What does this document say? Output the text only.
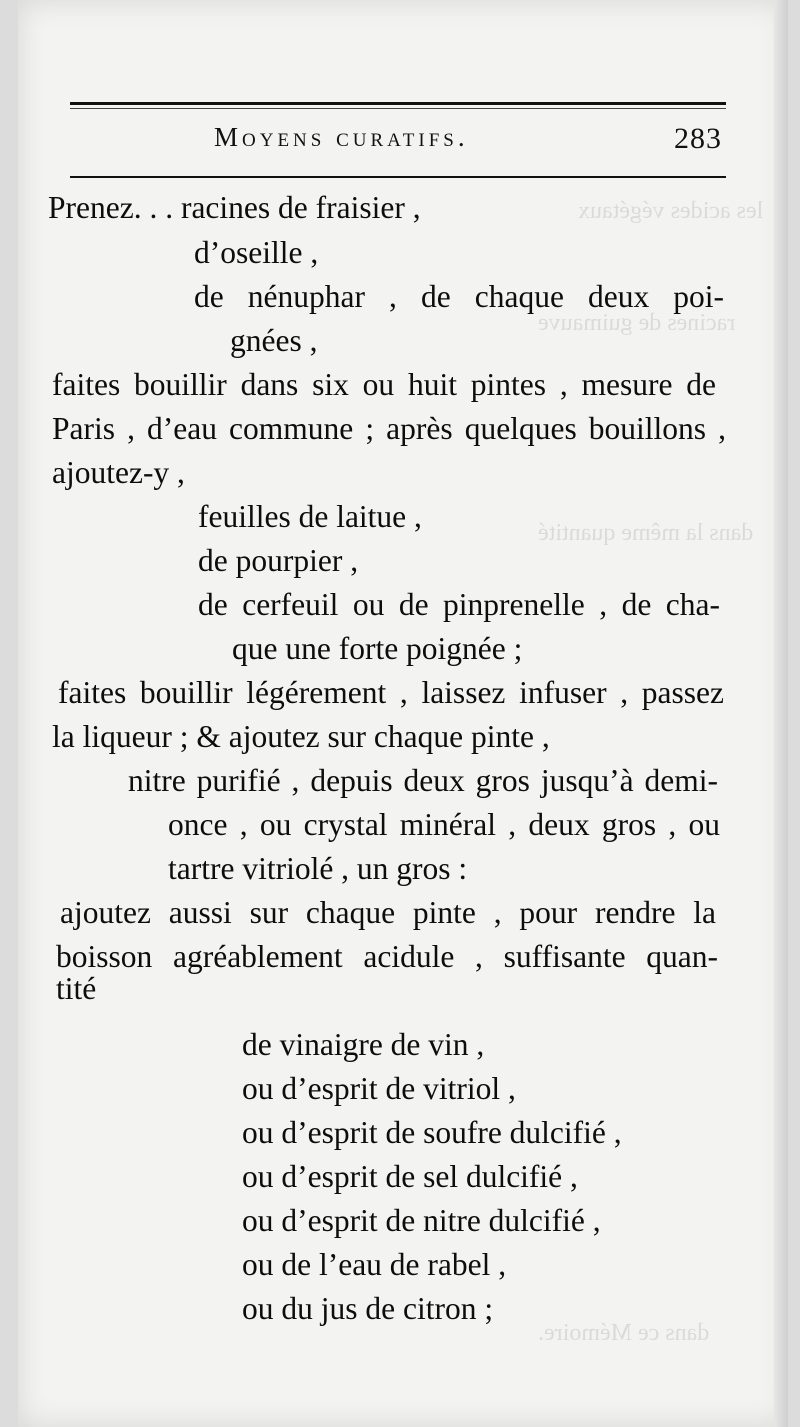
les acides végétaux
racines de guimauve
dans la même quantité
dans ce Mémoire.
Moyens curatifs.	283
Prenez. . . racines de fraisier ,
d’oseille ,
de nénuphar , de chaque deux poi-
gnées ,
faites bouillir dans six ou huit pintes , mesure de
Paris , d’eau commune ; après quelques bouillons ,
ajoutez-y ,
feuilles de laitue ,
de pourpier ,
de cerfeuil ou de pinprenelle , de cha-
que une forte poignée ;
faites bouillir légérement , laissez infuser , passez
la liqueur ; & ajoutez sur chaque pinte ,
nitre purifié , depuis deux gros jusqu’à demi-
once , ou crystal minéral , deux gros , ou
tartre vitriolé , un gros :
ajoutez aussi sur chaque pinte , pour rendre la
boisson agréablement acidule , suffisante quan-
tité
de vinaigre de vin ,
ou d’esprit de vitriol ,
ou d’esprit de soufre dulcifié ,
ou d’esprit de sel dulcifié ,
ou d’esprit de nitre dulcifié ,
ou de l’eau de rabel ,
ou du jus de citron ;
